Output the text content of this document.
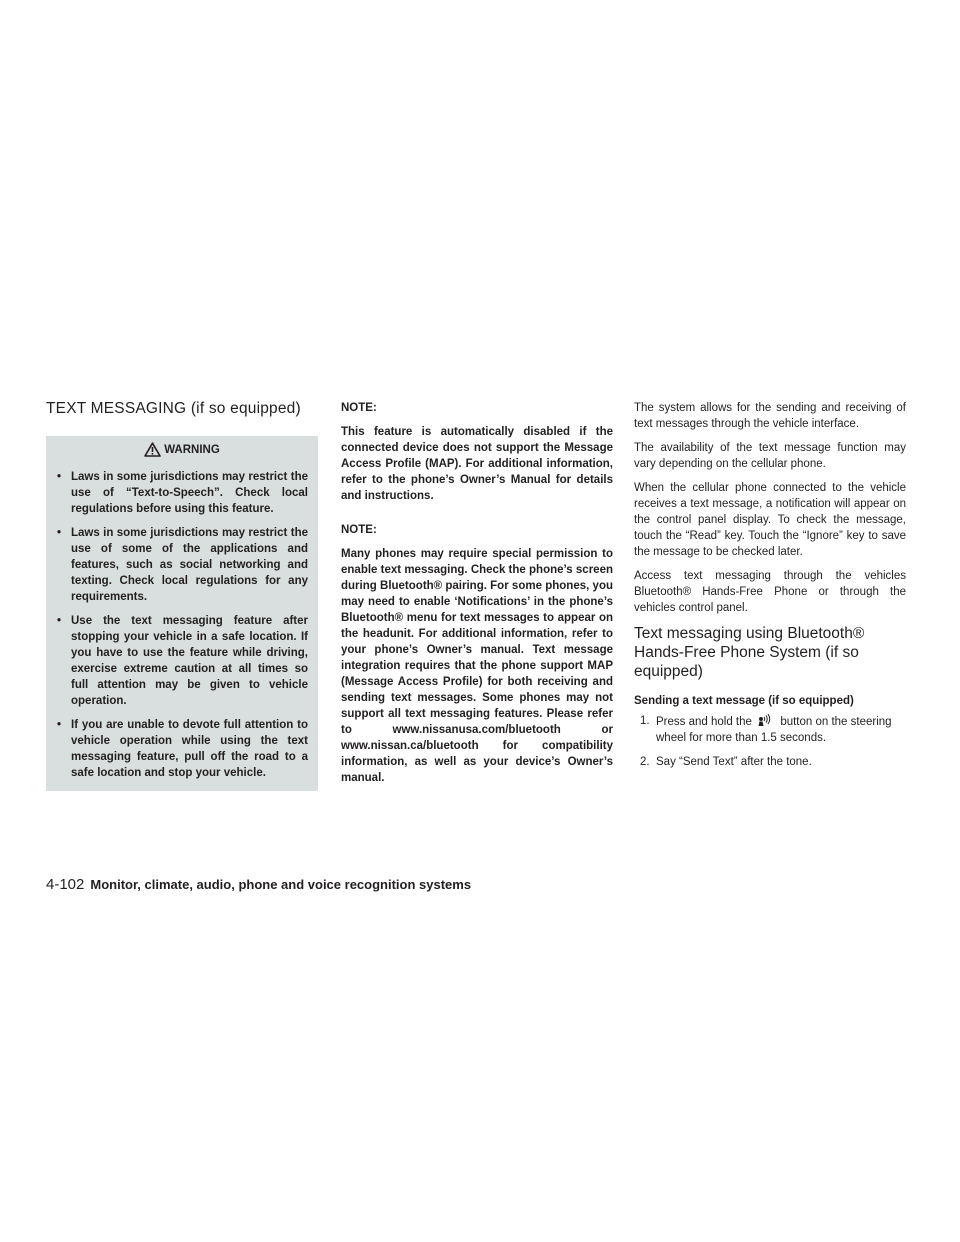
TEXT MESSAGING (if so equipped)
WARNING
• Laws in some jurisdictions may restrict the use of “Text-to-Speech”. Check local regulations before using this feature.
• Laws in some jurisdictions may restrict the use of some of the applications and features, such as social networking and texting. Check local regulations for any requirements.
• Use the text messaging feature after stopping your vehicle in a safe location. If you have to use the feature while driving, exercise extreme caution at all times so full attention may be given to vehicle operation.
• If you are unable to devote full attention to vehicle operation while using the text messaging feature, pull off the road to a safe location and stop your vehicle.

NOTE:

This feature is automatically disabled if the connected device does not support the Message Access Profile (MAP). For additional information, refer to the phone’s Owner’s Manual for details and instructions.

NOTE:

Many phones may require special permission to enable text messaging. Check the phone’s screen during Bluetooth® pairing. For some phones, you may need to enable ‘Notifications’ in the phone’s Bluetooth® menu for text messages to appear on the headunit. For additional information, refer to your phone’s Owner’s manual. Text message integration requires that the phone support MAP (Message Access Profile) for both receiving and sending text messages. Some phones may not support all text messaging features. Please refer to www.nissanusa.com/bluetooth or www.nissan.ca/bluetooth for compatibility information, as well as your device’s Owner’s manual.

The system allows for the sending and receiving of text messages through the vehicle interface.

The availability of the text message function may vary depending on the cellular phone.

When the cellular phone connected to the vehicle receives a text message, a notification will appear on the control panel display. To check the message, touch the “Read” key. Touch the “Ignore” key to save the message to be checked later.

Access text messaging through the vehicles Bluetooth® Hands-Free Phone or through the vehicles control panel.

Text messaging using Bluetooth® Hands-Free Phone System (if so equipped)

Sending a text message (if so equipped)

1. Press and hold the button on the steering wheel for more than 1.5 seconds.
2. Say “Send Text” after the tone.
4-102 Monitor, climate, audio, phone and voice recognition systems
